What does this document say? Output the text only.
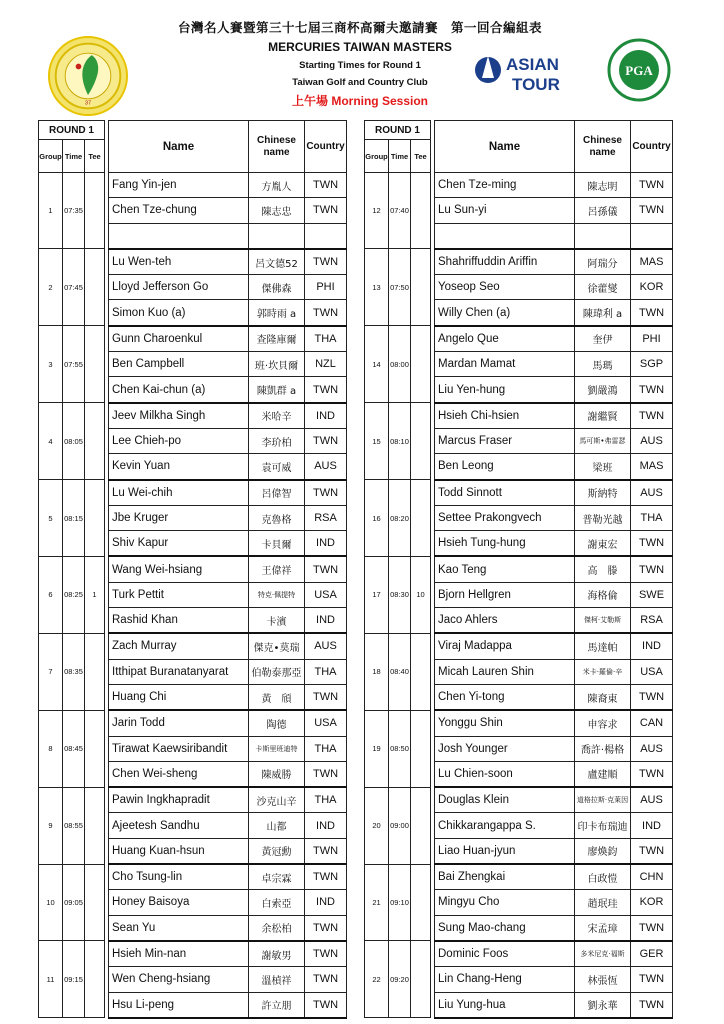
37
台灣名人賽暨第三十七屆三商杯高爾夫邀請賽　第一回合編組表
MERCURIES TAIWAN MASTERS
Starting Times for Round 1
Taiwan Golf and Country Club
上午場 Morning Session
ASIAN
TOUR
PGA
ROUND 1				Name	Chinese name	Country
Group	Time	Tee				
1	07:35			Fang Yin-jen	方胤人	TWN
				Chen Tze-chung	陳志忠	TWN

2	07:45			Lu Wen-teh	呂文德52	TWN
				Lloyd Jefferson Go	傑佛森	PHI
				Simon Kuo (a)	郭時雨 a	TWN
3	07:55			Gunn Charoenkul	查隆庫爾	THA
				Ben Campbell	班·坎貝爾	NZL
				Chen Kai-chun (a)	陳凱群 a	TWN
4	08:05			Jeev Milkha Singh	米哈辛	IND
				Lee Chieh-po	李玠柏	TWN
				Kevin Yuan	袁可威	AUS
5	08:15			Lu Wei-chih	呂偉智	TWN
				Jbe Kruger	克魯格	RSA
				Shiv Kapur	卡貝爾	IND
6	08:25	1		Wang Wei-hsiang	王偉祥	TWN
				Turk Pettit	特克·佩提特	USA
				Rashid Khan	卡濱	IND
7	08:35			Zach Murray	傑克•莫瑞	AUS
				Itthipat Buranatanyarat	伯勒泰那亞	THA
				Huang Chi	黃　頎	TWN
8	08:45			Jarin Todd	陶德	USA
				Tirawat Kaewsiribandit	卡斯里班迪特	THA
				Chen Wei-sheng	陳威勝	TWN
9	08:55			Pawin Ingkhapradit	沙克山辛	THA
				Ajeetesh Sandhu	山都	IND
				Huang Kuan-hsun	黃冠勳	TWN
10	09:05			Cho Tsung-lin	卓宗霖	TWN
				Honey Baisoya	白索亞	IND
				Sean Yu	余松柏	TWN
11	09:15			Hsieh Min-nan	謝敏男	TWN
				Wen Cheng-hsiang	溫楨祥	TWN
				Hsu Li-peng	許立朋	TWN
ROUND 1				Name	Chinese name	Country
Group	Time	Tee				
12	07:40			Chen Tze-ming	陳志明	TWN
				Lu Sun-yi	呂孫儀	TWN

13	07:50			Shahriffuddin Ariffin	阿瑞分	MAS
				Yoseop Seo	徐藿燮	KOR
				Willy Chen (a)	陳瑋利 a	TWN
14	08:00			Angelo Que	奎伊	PHI
				Mardan Mamat	馬瑪	SGP
				Liu Yen-hung	劉嚴鴻	TWN
15	08:10			Hsieh Chi-hsien	謝繼賢	TWN
				Marcus Fraser	馬可斯•弗雷瑟	AUS
				Ben Leong	梁班	MAS
16	08:20			Todd Sinnott	斯納特	AUS
				Settee Prakongvech	普勒光越	THA
				Hsieh Tung-hung	謝東宏	TWN
17	08:30	10		Kao Teng	高　滕	TWN
				Bjorn Hellgren	海格倫	SWE
				Jaco Ahlers	傑柯·艾勒斯	RSA
18	08:40			Viraj Madappa	馬達帕	IND
				Micah Lauren Shin	米卡·羅倫·辛	USA
				Chen Yi-tong	陳裔東	TWN
19	08:50			Yonggu Shin	申容求	CAN
				Josh Younger	喬許·楊格	AUS
				Lu Chien-soon	盧建順	TWN
20	09:00			Douglas Klein	道格拉斯·克萊因	AUS
				Chikkarangappa S.	印卡布瑞迪	IND
				Liao Huan-jyun	廖煥鈞	TWN
21	09:10			Bai Zhengkai	白政愷	CHN
				Mingyu Cho	趙珉珪	KOR
				Sung Mao-chang	宋孟璋	TWN
22	09:20			Dominic Foos	多米尼克·福斯	GER
				Lin Chang-Heng	林張恆	TWN
				Liu Yung-hua	劉永華	TWN
